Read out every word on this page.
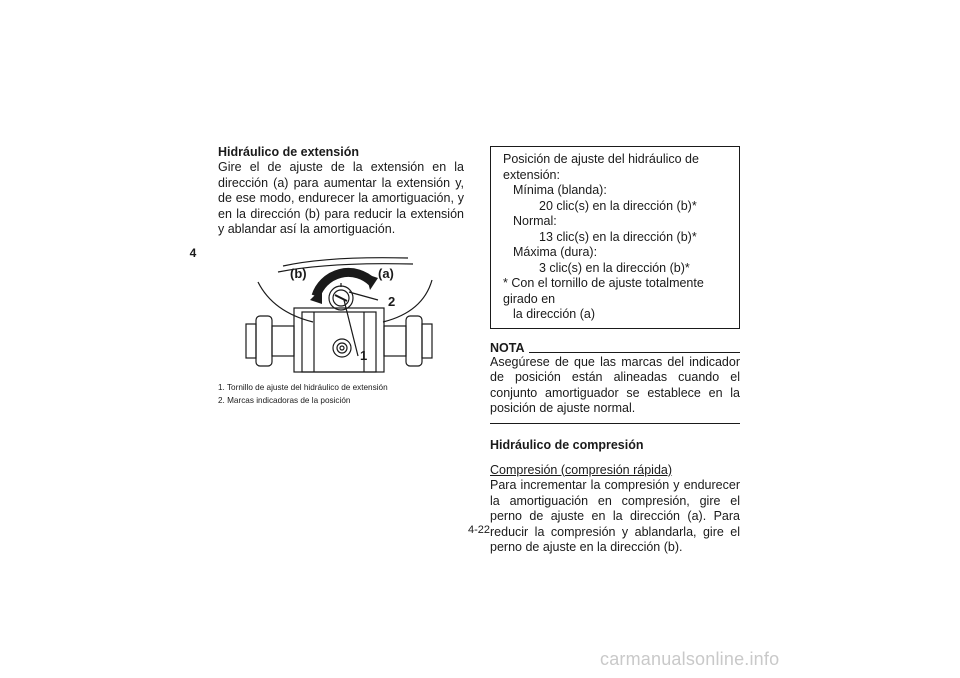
4

Hidráulico de extensión

Gire el de ajuste de la extensión en la dirección (a) para aumentar la extensión y, de ese modo, endurecer la amortiguación, y en la dirección (b) para reducir la extensión y ablandar así la amortiguación.

(b)	(a)
2
1
1. Tornillo de ajuste del hidráulico de extensión
2. Marcas indicadoras de la posición
Posición de ajuste del hidráulico de extensión:
Mínima (blanda):
20 clic(s) en la dirección (b)*
Normal:
13 clic(s) en la dirección (b)*
Máxima (dura):
3 clic(s) en la dirección (b)*
* Con el tornillo de ajuste totalmente girado en
la dirección (a)
NOTA

Asegúrese de que las marcas del indicador de posición están alineadas cuando el conjunto amortiguador se establece en la posición de ajuste normal.

Hidráulico de compresión

Compresión (compresión rápida)

Para incrementar la compresión y endurecer la amortiguación en compresión, gire el perno de ajuste en la dirección (a). Para reducir la compresión y ablandarla, gire el perno de ajuste en la dirección (b).

4-22
carmanualsonline.info
